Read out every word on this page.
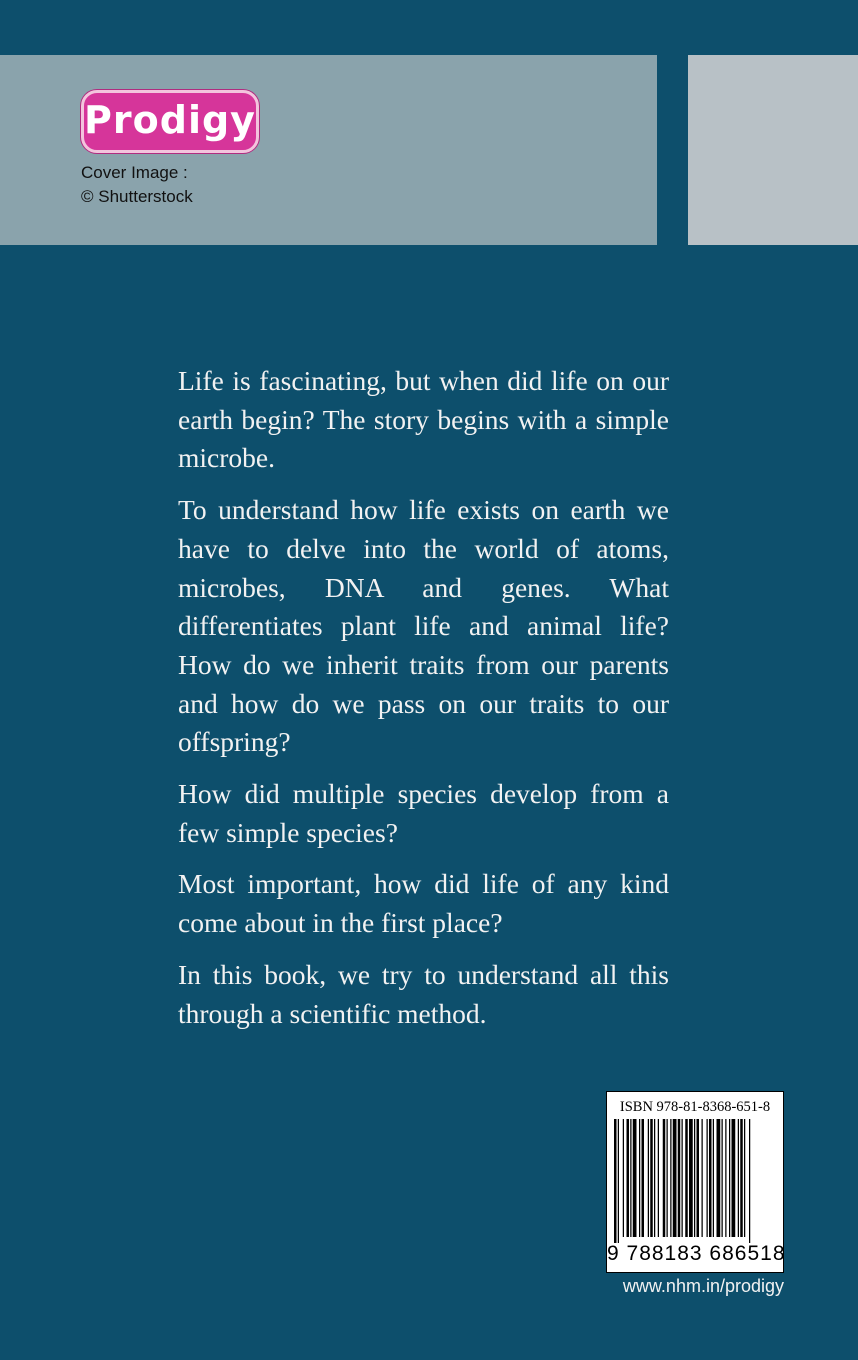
Prodigy
Cover Image :
© Shutterstock

Life is fascinating, but when did life on our earth begin? The story begins with a simple microbe.

To understand how life exists on earth we have to delve into the world of atoms, microbes, DNA and genes. What differentiates plant life and animal life? How do we inherit traits from our parents and how do we pass on our traits to our offspring?

How did multiple species develop from a few simple species?

Most important, how did life of any kind come about in the first place?

In this book, we try to understand all this through a scientific method.

ISBN 978-81-8368-651-8
9 788183 686518
www.nhm.in/prodigy
